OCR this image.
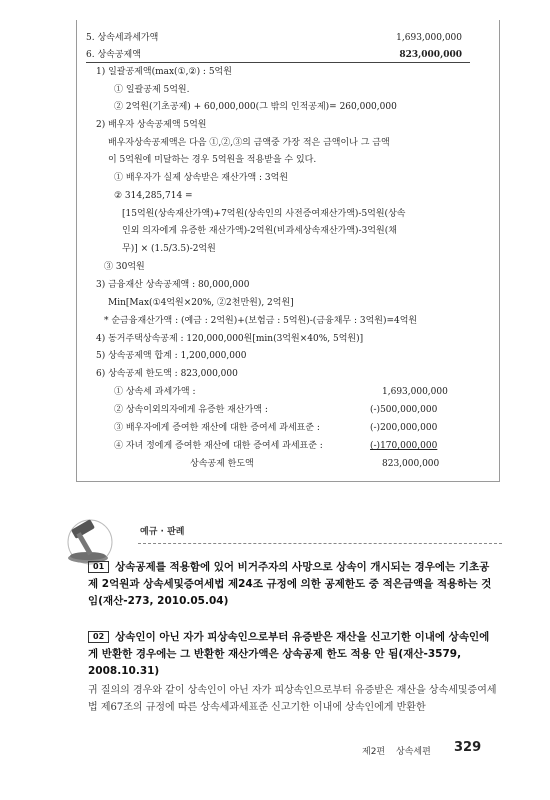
5. 상속세과세가액	1,693,000,000
6. 상속공제액	823,000,000
1) 일괄공제액(max(①,②) : 5억원
① 일괄공제 5억원.
② 2억원(기초공제) + 60,000,000(그 밖의 인적공제)= 260,000,000
2) 배우자 상속공제액 5억원
배우자상속공제액은 다음 ①,②,③의 금액중 가장 적은 금액이나 그 금액
이 5억원에 미달하는 경우 5억원을 적용받을 수 있다.
① 배우자가 실제 상속받은 재산가액 : 3억원
② 314,285,714 =
[15억원(상속재산가액)+7억원(상속인의 사전증여재산가액)-5억원(상속
인외 의자에게 유증한 재산가액)-2억원(비과세상속재산가액)-3억원(채
무)] × (1.5/3.5)-2억원
③ 30억원
3) 금융재산 상속공제액 : 80,000,000
Min[Max(①4억원×20%, ②2천만원), 2억원]
* 순금융재산가액 : (예금 : 2억원)+(보험금 : 5억원)-(금융채무 : 3억원)=4억원
4) 동거주택상속공제 : 120,000,000원[min(3억원×40%, 5억원)]
5) 상속공제액 합계 : 1,200,000,000
6) 상속공제 한도액 : 823,000,000
① 상속세 과세가액 :	1,693,000,000
② 상속이외의자에게 유증한 재산가액 :	(-)500,000,000
③ 배우자에게 증여한 재산에 대한 증여세 과세표준 :	(-)200,000,000
④ 자녀 정에게 증여한 재산에 대한 증여세 과세표준 :	(-)170,000,000
상속공제 한도액	823,000,000
예규 · 판례
01 상속공제를 적용함에 있어 비거주자의 사망으로 상속이 개시되는 경우에는 기초공제 2억원과 상속세및증여세법 제24조 규정에 의한 공제한도 중 적은금액을 적용하는 것임(재산-273, 2010.05.04)
02 상속인이 아닌 자가 피상속인으로부터 유증받은 재산을 신고기한 이내에 상속인에게 반환한 경우에는 그 반환한 재산가액은 상속공제 한도 적용 안 됨(재산-3579, 2008.10.31)
귀 질의의 경우와 같이 상속인이 아닌 자가 피상속인으로부터 유증받은 재산을 상속세및증여세법 제67조의 규정에 따른 상속세과세표준 신고기한 이내에 상속인에게 반환한
제2편 상속세편 329
